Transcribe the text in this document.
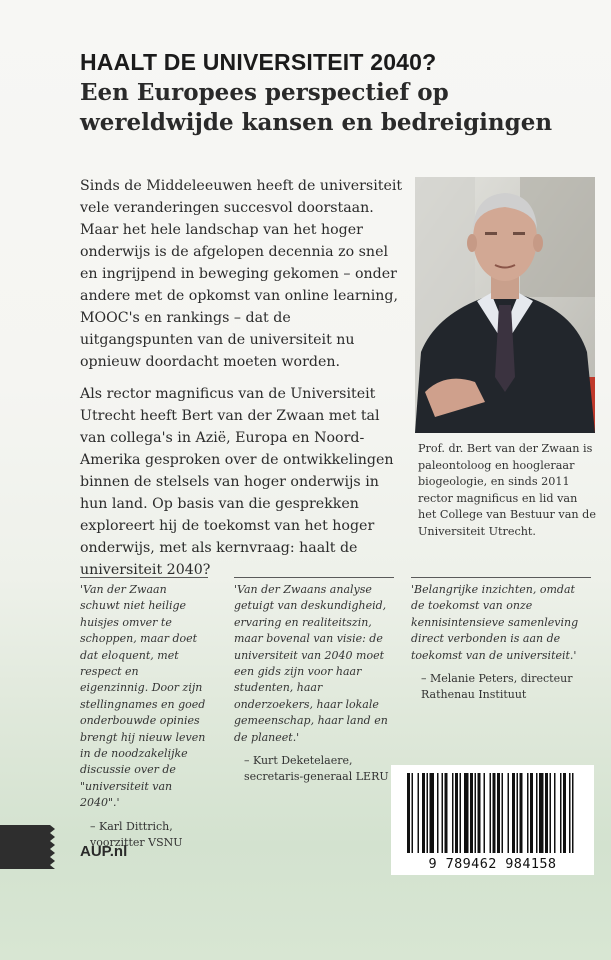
HAALT DE UNIVERSITEIT 2040?
Een Europees perspectief op wereldwijde kansen en bedreigingen

Sinds de Middeleeuwen heeft de universiteit vele veranderingen succesvol doorstaan. Maar het hele landschap van het hoger onderwijs is de afgelopen decennia zo snel en ingrijpend in beweging gekomen – onder andere met de opkomst van online learning, MOOC's en rankings – dat de uitgangspunten van de universiteit nu opnieuw doordacht moeten worden.

Als rector magnificus van de Universiteit Utrecht heeft Bert van der Zwaan met tal van collega's in Azië, Europa en Noord-Amerika gesproken over de ontwikkelingen binnen de stelsels van hoger onderwijs in hun land. Op basis van die gesprekken exploreert hij de toekomst van het hoger onderwijs, met als kernvraag: haalt de universiteit 2040?

Prof. dr. Bert van der Zwaan is paleontoloog en hoogleraar biogeologie, en sinds 2011 rector magnificus en lid van het College van Bestuur van de Universiteit Utrecht.

'Van der Zwaan schuwt niet heilige huisjes omver te schoppen, maar doet dat eloquent, met respect en eigenzinnig. Door zijn stellingnames en goed onderbouwde opinies brengt hij nieuw leven in de noodzakelijke discussie over de "universiteit van 2040".'

– Karl Dittrich, voorzitter VSNU

'Van der Zwaans analyse getuigt van deskundigheid, ervaring en realiteitszin, maar bovenal van visie: de universiteit van 2040 moet een gids zijn voor haar studenten, haar onderzoekers, haar lokale gemeenschap, haar land en de planeet.'

– Kurt Deketelaere, secretaris-generaal LERU

'Belangrijke inzichten, omdat de toekomst van onze kennisintensieve samenleving direct verbonden is aan de toekomst van de universiteit.'

– Melanie Peters, directeur Rathenau Instituut

AUP.nl

9 789462 984158
